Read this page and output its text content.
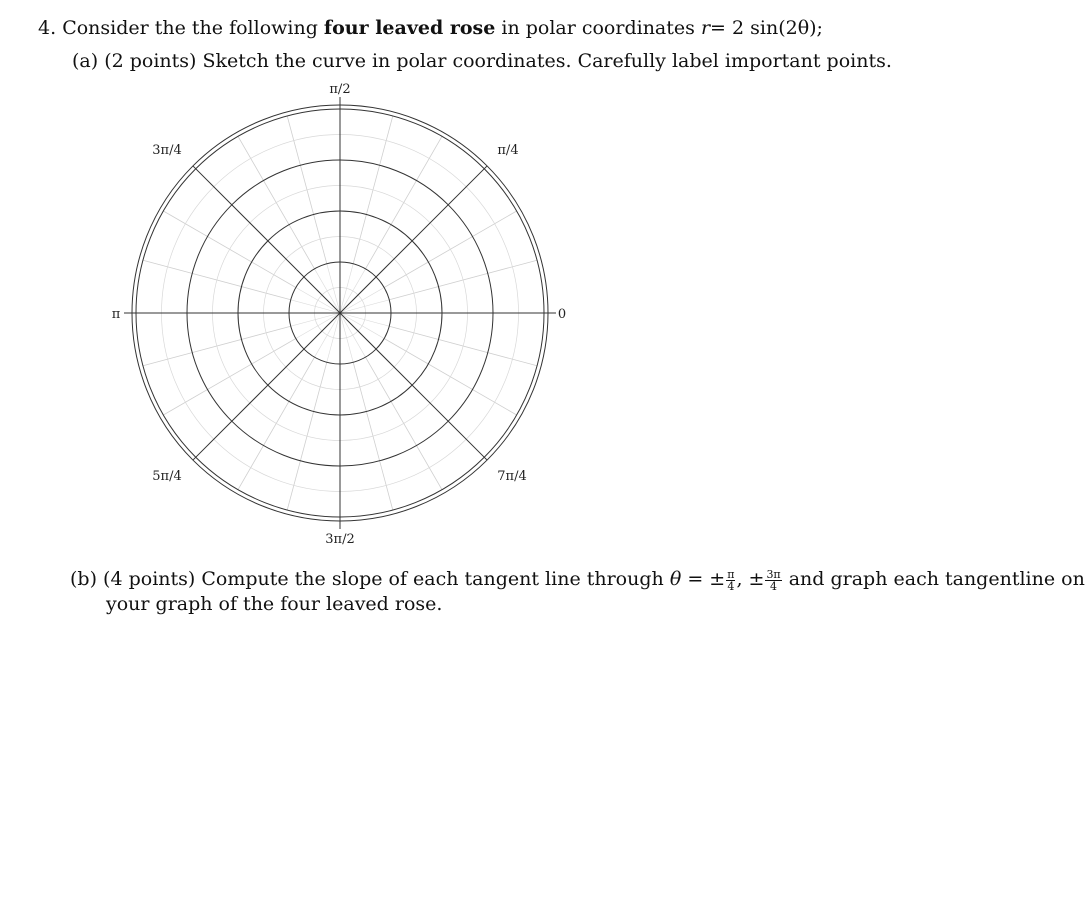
4. Consider the the following four leaved rose in polar coordinates r= 2 sin(2θ);
(a) (2 points) Sketch the curve in polar coordinates. Carefully label important points.
π/2
π/4
3π/4
π	0
5π/4	7π/4
3π/2
(b) (4 points) Compute the slope of each tangent line through θ = ± $\frac{\pi}{4}$ , ± $\frac{3\pi}{4}$ and graph each tangentline on
your graph of the four leaved rose.
